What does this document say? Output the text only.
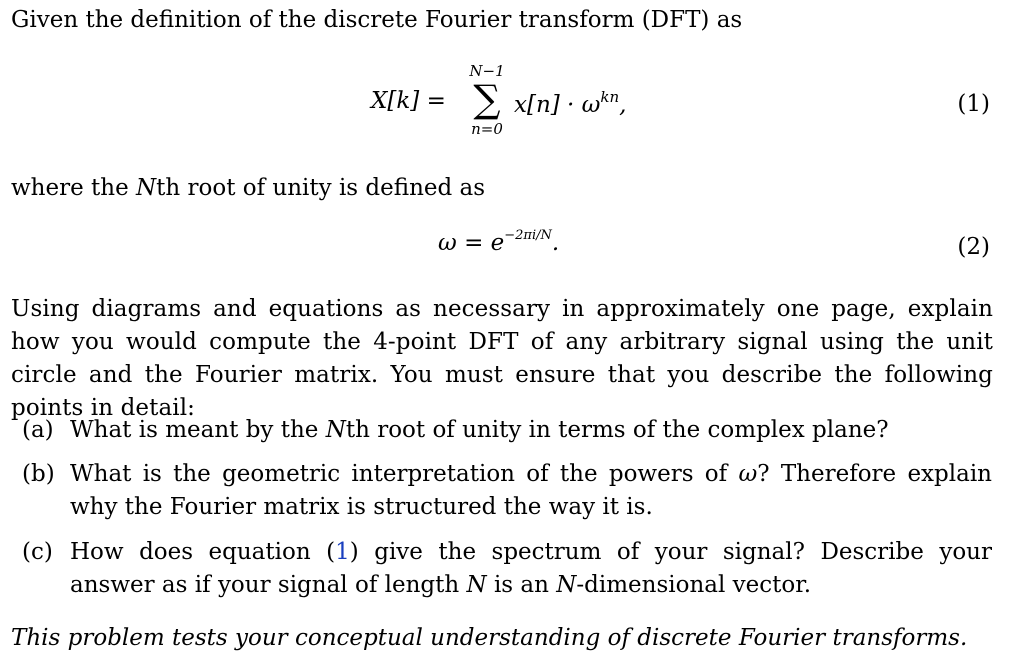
Given the definition of the discrete Fourier transform (DFT) as
X[k] =
N−1
∑
n=0
$x[n] \cdot \omega^{kn}$,	(1)
where the Nth root of unity is defined as
$\omega = e^{-2\pi i/N}$.	(2)
Using diagrams and equations as necessary in approximately one page, explain how you would compute the 4-point DFT of any arbitrary signal using the unit circle and the Fourier matrix. You must ensure that you describe the following points in detail:
(a) What is meant by the Nth root of unity in terms of the complex plane?
(b) What is the geometric interpretation of the powers of ω? Therefore explain why the Fourier matrix is structured the way it is.
(c) How does equation (1) give the spectrum of your signal? Describe your answer as if your signal of length N is an N-dimensional vector.
This problem tests your conceptual understanding of discrete Fourier transforms.
